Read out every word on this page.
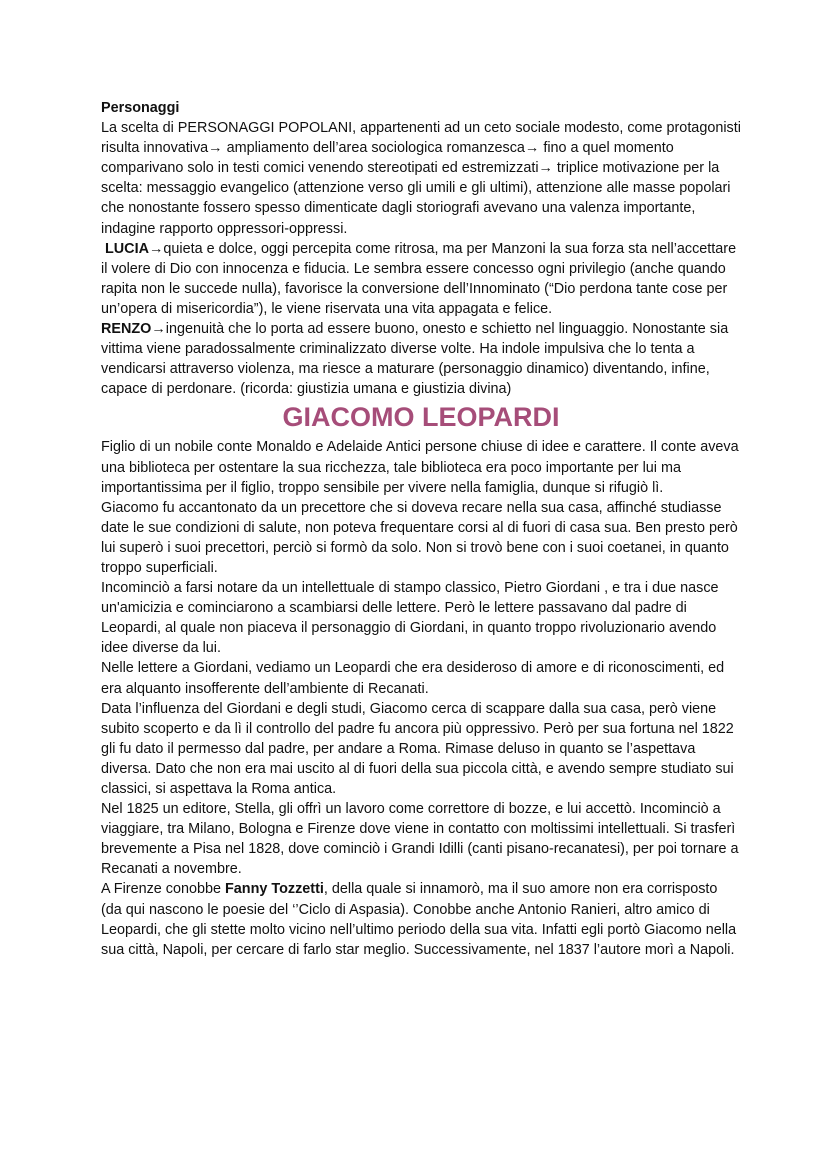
Personaggi

La scelta di PERSONAGGI POPOLANI, appartenenti ad un ceto sociale modesto, come protagonisti risulta innovativa→ ampliamento dell’area sociologica romanzesca→ fino a quel momento comparivano solo in testi comici venendo stereotipati ed estremizzati→ triplice motivazione per la scelta: messaggio evangelico (attenzione verso gli umili e gli ultimi), attenzione alle masse popolari che nonostante fossero spesso dimenticate dagli storiografi avevano una valenza importante, indagine rapporto oppressori-oppressi.

LUCIA→quieta e dolce, oggi percepita come ritrosa, ma per Manzoni la sua forza sta nell’accettare il volere di Dio con innocenza e fiducia. Le sembra essere concesso ogni privilegio (anche quando rapita non le succede nulla), favorisce la conversione dell’Innominato (“Dio perdona tante cose per un’opera di misericordia”), le viene riservata una vita appagata e felice.

RENZO→ingenuità che lo porta ad essere buono, onesto e schietto nel linguaggio. Nonostante sia vittima viene paradossalmente criminalizzato diverse volte. Ha indole impulsiva che lo tenta a vendicarsi attraverso violenza, ma riesce a maturare (personaggio dinamico) diventando, infine, capace di perdonare. (ricorda: giustizia umana e giustizia divina)

GIACOMO LEOPARDI

Figlio di un nobile conte Monaldo e Adelaide Antici persone chiuse di idee e carattere. Il conte aveva una biblioteca per ostentare la sua ricchezza, tale biblioteca era poco importante per lui ma importantissima per il figlio, troppo sensibile per vivere nella famiglia, dunque si rifugiò lì.

Giacomo fu accantonato da un precettore che si doveva recare nella sua casa, affinché studiasse date le sue condizioni di salute, non poteva frequentare corsi al di fuori di casa sua. Ben presto però lui superò i suoi precettori, perciò si formò da solo. Non si trovò bene con i suoi coetanei, in quanto troppo superficiali.

Incominciò a farsi notare da un intellettuale di stampo classico, Pietro Giordani , e tra i due nasce un'amicizia e cominciarono a scambiarsi delle lettere. Però le lettere passavano dal padre di Leopardi, al quale non piaceva il personaggio di Giordani, in quanto troppo rivoluzionario avendo idee diverse da lui.

Nelle lettere a Giordani, vediamo un Leopardi che era desideroso di amore e di riconoscimenti, ed era alquanto insofferente dell’ambiente di Recanati.

Data l’influenza del Giordani e degli studi, Giacomo cerca di scappare dalla sua casa, però viene subito scoperto e da lì il controllo del padre fu ancora più oppressivo. Però per sua fortuna nel 1822 gli fu dato il permesso dal padre, per andare a Roma. Rimase deluso in quanto se l’aspettava diversa. Dato che non era mai uscito al di fuori della sua piccola città, e avendo sempre studiato sui classici, si aspettava la Roma antica.

Nel 1825 un editore, Stella, gli offrì un lavoro come correttore di bozze, e lui accettò. Incominciò a viaggiare, tra Milano, Bologna e Firenze dove viene in contatto con moltissimi intellettuali. Si trasferì brevemente a Pisa nel 1828, dove cominciò i Grandi Idilli (canti pisano-recanatesi), per poi tornare a Recanati a novembre.

A Firenze conobbe Fanny Tozzetti, della quale si innamorò, ma il suo amore non era corrisposto (da qui nascono le poesie del ‘’Ciclo di Aspasia). Conobbe anche Antonio Ranieri, altro amico di Leopardi, che gli stette molto vicino nell’ultimo periodo della sua vita. Infatti egli portò Giacomo nella sua città, Napoli, per cercare di farlo star meglio. Successivamente, nel 1837 l’autore morì a Napoli.
